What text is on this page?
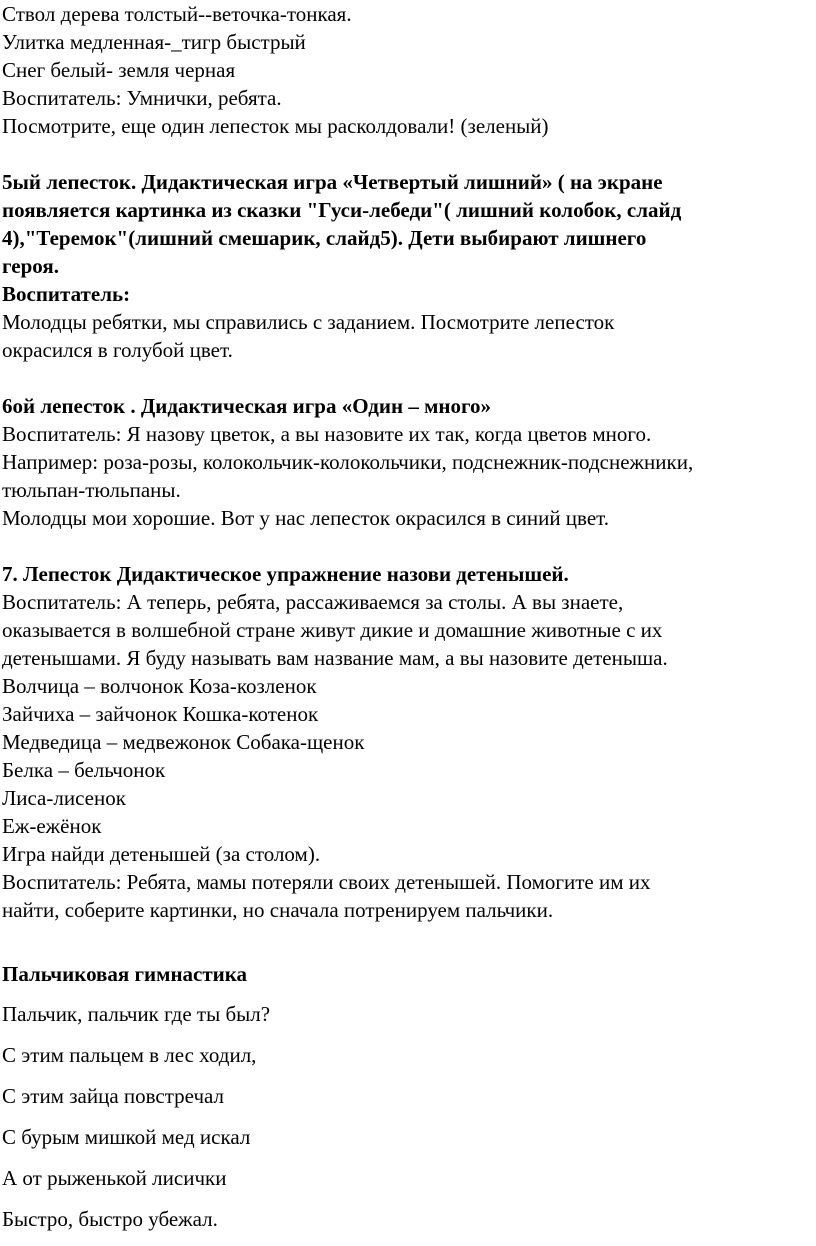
Ствол дерева толстый--веточка-тонкая.
Улитка медленная-_тигр быстрый
Снег белый- земля черная
Воспитатель: Умнички, ребята.
Посмотрите, еще один лепесток мы расколдовали! (зеленый)
5ый лепесток. Дидактическая игра «Четвертый лишний» ( на экране
появляется картинка из сказки "Гуси-лебеди"( лишний колобок, слайд
4),"Теремок"(лишний смешарик, слайд5). Дети выбирают лишнего
героя.
Воспитатель:
Молодцы ребятки, мы справились с заданием. Посмотрите лепесток
окрасился в голубой цвет.
6ой лепесток . Дидактическая игра «Один – много»
Воспитатель: Я назову цветок, а вы назовите их так, когда цветов много.
Например: роза-розы, колокольчик-колокольчики, подснежник-подснежники,
тюльпан-тюльпаны.
Молодцы мои хорошие. Вот у нас лепесток окрасился в синий цвет.
7. Лепесток Дидактическое упражнение назови детенышей.
Воспитатель: А теперь, ребята, рассаживаемся за столы. А вы знаете,
оказывается в волшебной стране живут дикие и домашние животные с их
детенышами. Я буду называть вам название мам, а вы назовите детеныша.
Волчица – волчонок Коза-козленок
Зайчиха – зайчонок Кошка-котенок
Медведица – медвежонок Собака-щенок
Белка – бельчонок
Лиса-лисенок
Еж-ежёнок
Игра найди детенышей (за столом).
Воспитатель: Ребята, мамы потеряли своих детенышей. Помогите им их
найти, соберите картинки, но сначала потренируем пальчики.
Пальчиковая гимнастика
Пальчик, пальчик где ты был?
С этим пальцем в лес ходил,
С этим зайца повстречал
С бурым мишкой мед искал
А от рыженькой лисички
Быстро, быстро убежал.
